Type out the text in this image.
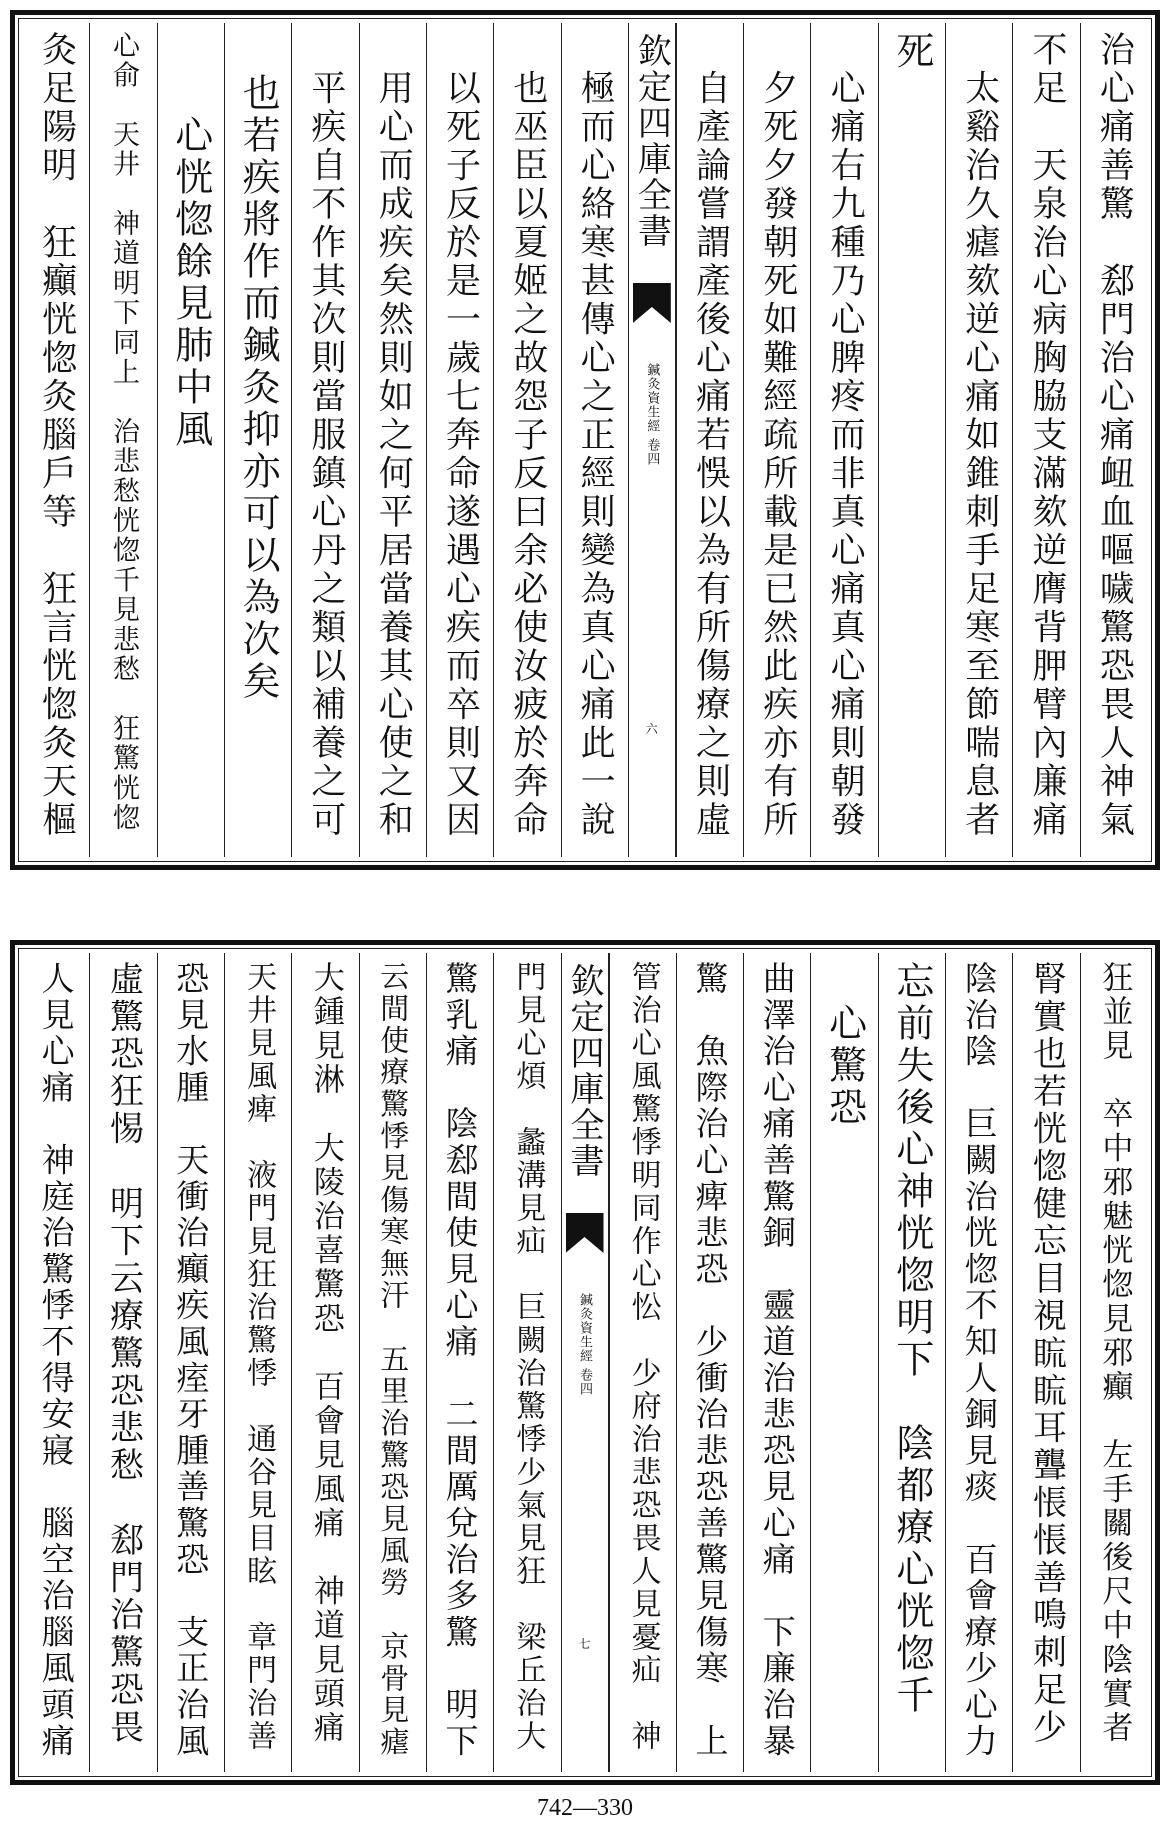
治心痛善驚　郄門治心痛衄血嘔噦驚恐畏人神氣
不足　天泉治心病胸脇支滿欬逆膺背胛臂內廉痛
　太谿治久瘧欬逆心痛如錐刺手足寒至節喘息者
死
　心痛右九種乃心脾疼而非真心痛真心痛則朝發
　夕死夕發朝死如難經疏所載是已然此疾亦有所
　自產論嘗謂產後心痛若悞以為有所傷療之則虛
欽定四庫全書
鍼灸資生經 卷四
六
　極而心絡寒甚傳心之正經則變為真心痛此一說
　也巫臣以夏姬之故怨子反曰余必使汝疲於奔命
　以死子反於是一歲七奔命遂遇心疾而卒則又因
　用心而成疾矣然則如之何平居當養其心使之和
　平疾自不作其次則當服鎮心丹之類以補養之可
　也若疾將作而鍼灸抑亦可以為次矣
　　心恍惚餘見肺中風
心俞　天井　神道明下同上　治悲愁恍惚千見悲愁　狂驚恍惚
灸足陽明　狂癲恍惚灸腦戶等　狂言恍惚灸天樞
狂並見　卒中邪魅恍惚見邪癲　左手關後尺中陰實者
腎實也若恍惚健忘目視䀮䀮耳聾悵悵善鳴刺足少
陰治陰　巨闕治恍惚不知人銅見痰　百會療少心力
忘前失後心神恍惚明下　陰都療心恍惚千
　心驚恐
曲澤治心痛善驚銅　靈道治悲恐見心痛　下廉治暴
驚　魚際治心痺悲恐　少衝治悲恐善驚見傷寒　上
管治心風驚悸明同作心忪　少府治悲恐畏人見憂疝　神
欽定四庫全書
鍼灸資生經 卷四
七
門見心煩　蠡溝見疝　巨闕治驚悸少氣見狂　梁丘治大
驚乳痛　陰郄間使見心痛　二間厲兌治多驚　明下
云間使療驚悸見傷寒無汗　五里治驚恐見風勞　京骨見瘧
大鍾見淋　大陵治喜驚恐　百會見風痛　神道見頭痛
天井見風痺　液門見狂治驚悸　通谷見目眩　章門治善
恐見水腫　天衝治癲疾風痓牙腫善驚恐　支正治風
虛驚恐狂惕　明下云療驚恐悲愁　郄門治驚恐畏
人見心痛　神庭治驚悸不得安寢　腦空治腦風頭痛
742—330
